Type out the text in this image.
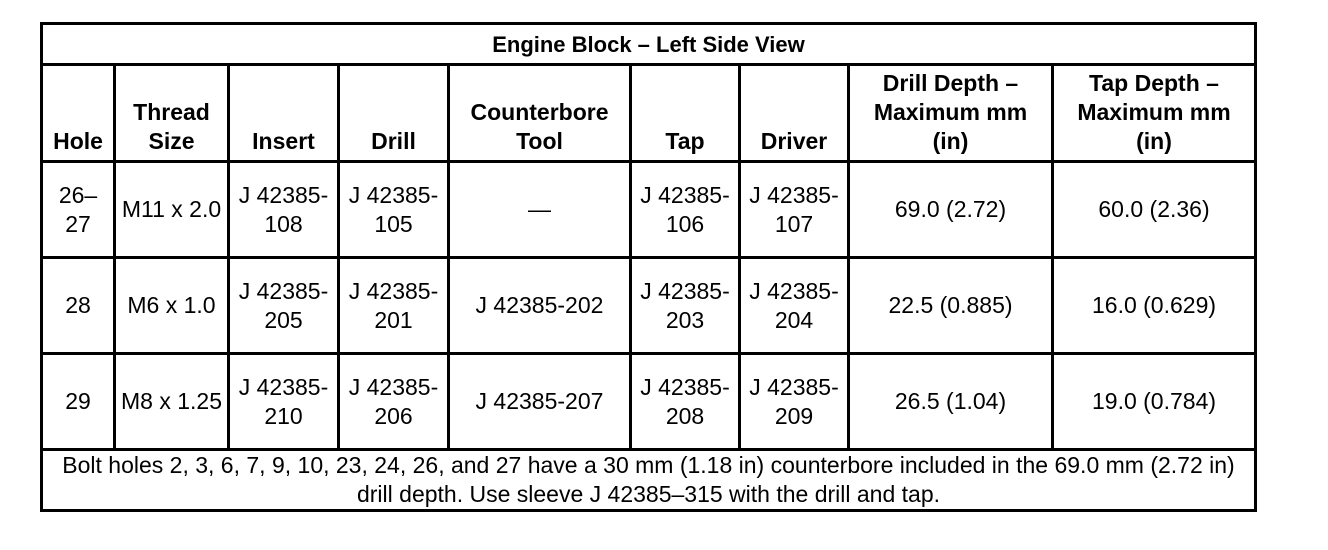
Engine Block – Left Side View								
Hole	Thread Size	Insert	Drill	Counterbore Tool	Tap	Driver	Drill Depth – Maximum mm (in)	Tap Depth – Maximum mm (in)
26–27	M11 x 2.0	J 42385-108	J 42385-105	—	J 42385-106	J 42385-107	69.0 (2.72)	60.0 (2.36)
28	M6 x 1.0	J 42385-205	J 42385-201	J 42385-202	J 42385-203	J 42385-204	22.5 (0.885)	16.0 (0.629)
29	M8 x 1.25	J 42385-210	J 42385-206	J 42385-207	J 42385-208	J 42385-209	26.5 (1.04)	19.0 (0.784)
Bolt holes 2, 3, 6, 7, 9, 10, 23, 24, 26, and 27 have a 30 mm (1.18 in) counterbore included in the 69.0 mm (2.72 in) drill depth. Use sleeve J 42385–315 with the drill and tap.								
